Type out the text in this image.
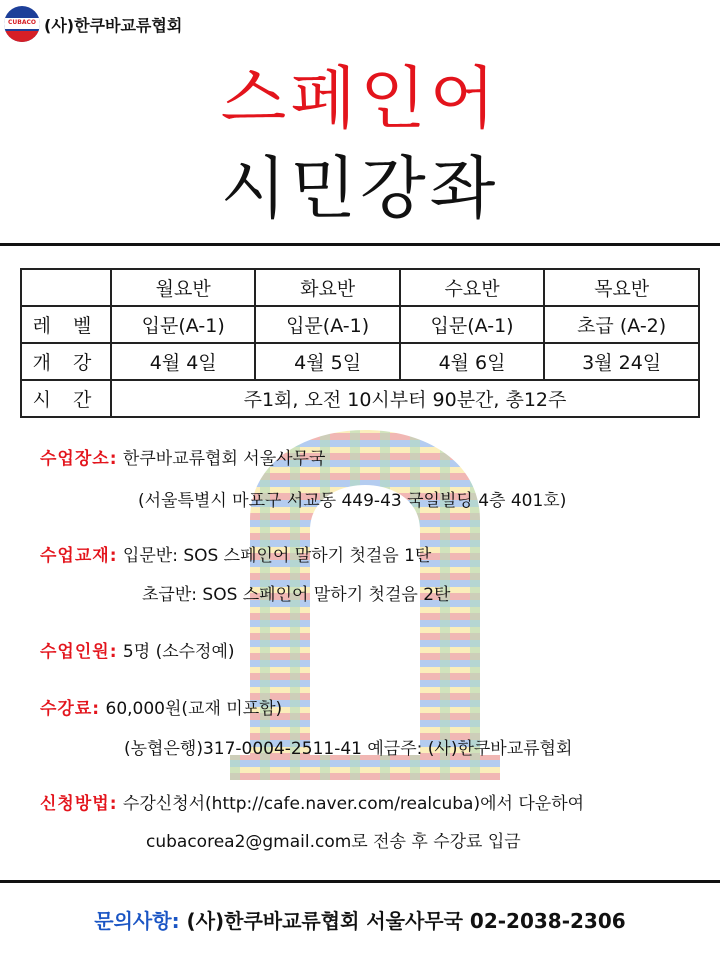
CUBACO (사)한쿠바교류협회
스페인어
시민강좌
	월요반	화요반	수요반	목요반
레 벨	입문(A-1)	입문(A-1)	입문(A-1)	초급 (A-2)
개 강	4월 4일	4월 5일	4월 6일	3월 24일
시 간	주1회, 오전 10시부터 90분간, 총12주			
수업장소: 한쿠바교류협회 서울사무국
(서울특별시 마포구 서교동 449-43 국일빌딩 4층 401호)
수업교재: 입문반: SOS 스페인어 말하기 첫걸음 1탄
초급반: SOS 스페인어 말하기 첫걸음 2탄
수업인원: 5명 (소수정예)
수강료: 60,000원(교재 미포함)
(농협은행)317-0004-2511-41 예금주: (사)한쿠바교류협회
신청방법: 수강신청서(http://cafe.naver.com/realcuba)에서 다운하여
cubacorea2@gmail.com로 전송 후 수강료 입금
문의사항: (사)한쿠바교류협회 서울사무국 02-2038-2306
